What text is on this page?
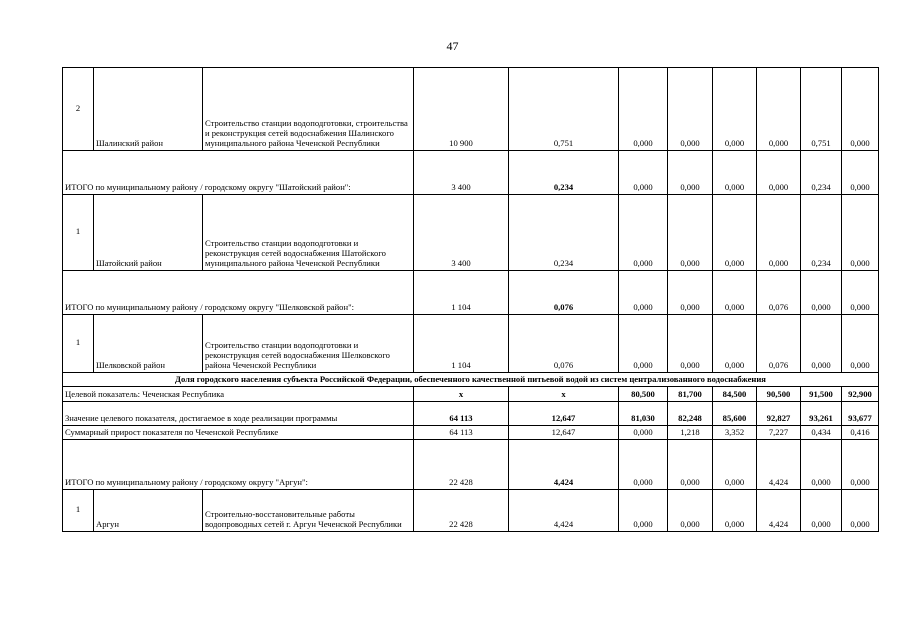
47
2	Шалинский район	Строительство станции водоподготовки, строительства и реконструкция сетей водоснабжения Шалинского муниципального района Чеченской Республики	10 900	0,751	0,000	0,000	0,000	0,000	0,751	0,000
ИТОГО по муниципальному району / городскому округу "Шатойский район":			3 400	0,234	0,000	0,000	0,000	0,000	0,234	0,000
1	Шатойский район	Строительство станции водоподготовки и реконструкция сетей водоснабжения Шатойского муниципального района Чеченской Республики	3 400	0,234	0,000	0,000	0,000	0,000	0,234	0,000
ИТОГО по муниципальному району / городскому округу "Шелковской район":			1 104	0,076	0,000	0,000	0,000	0,076	0,000	0,000
1	Шелковской район	Строительство станции водоподготовки и реконструкция сетей водоснабжения Шелковского района Чеченской Республики	1 104	0,076	0,000	0,000	0,000	0,076	0,000	0,000
Доля городского населения субъекта Российской Федерации, обеспеченного качественной питьевой водой из систем централизованного водоснабжения										
Целевой показатель: Чеченская Республика			x	x	80,500	81,700	84,500	90,500	91,500	92,900
Значение целевого показателя, достигаемое в ходе реализации программы			64 113	12,647	81,030	82,248	85,600	92,827	93,261	93,677
Суммарный прирост показателя по Чеченской Республике			64 113	12,647	0,000	1,218	3,352	7,227	0,434	0,416
ИТОГО по муниципальному району / городскому округу "Аргун":			22 428	4,424	0,000	0,000	0,000	4,424	0,000	0,000
1	Аргун	Строительно-восстановительные работы водопроводных сетей г. Аргун Чеченской Республики	22 428	4,424	0,000	0,000	0,000	4,424	0,000	0,000
